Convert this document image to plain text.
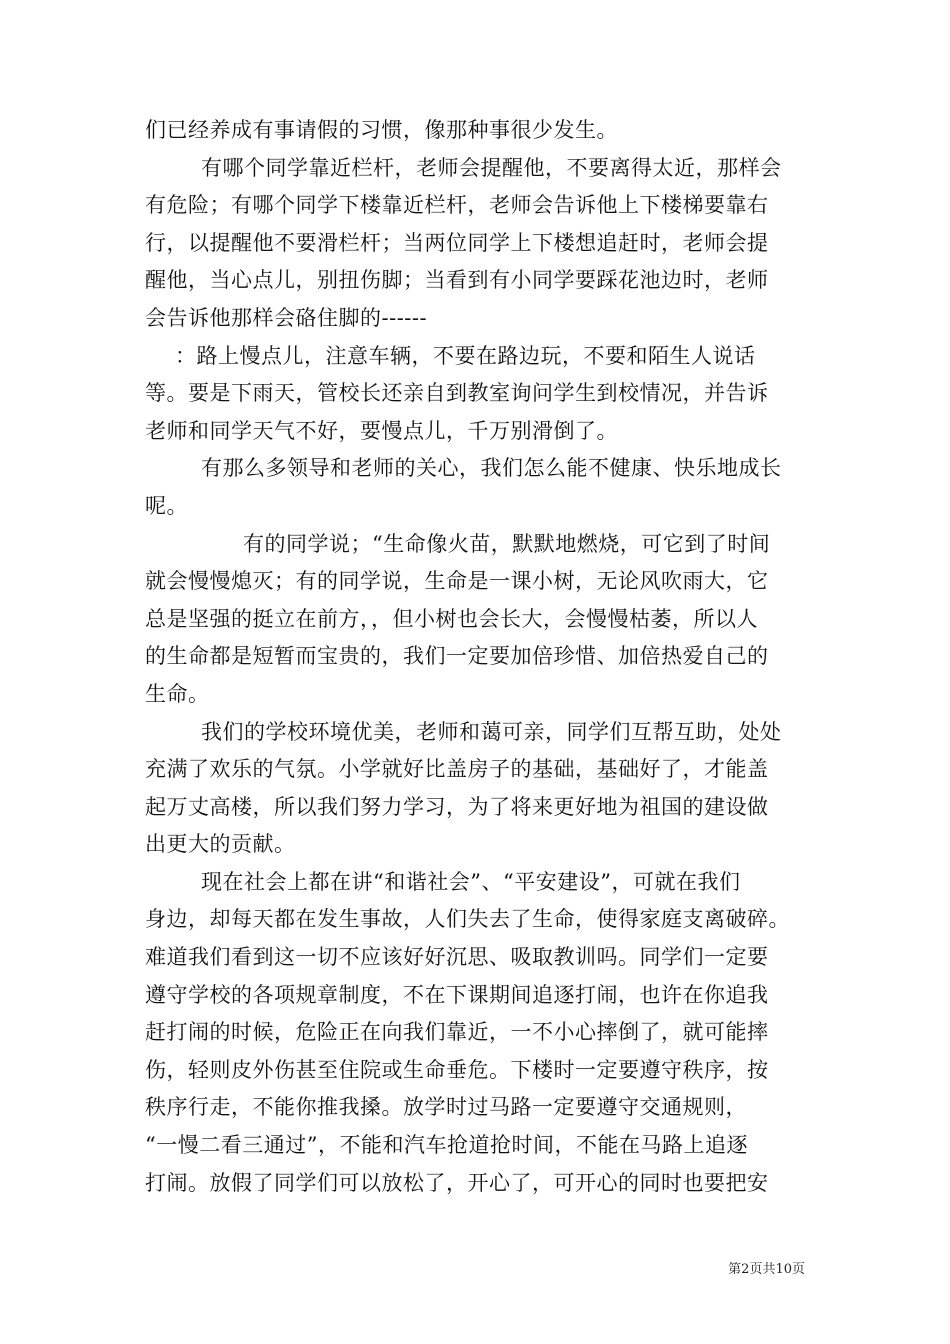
们已经养成有事请假的习惯，像那种事很少发生。
有哪个同学靠近栏杆，老师会提醒他，不要离得太近，那样会
有危险；有哪个同学下楼靠近栏杆，老师会告诉他上下楼梯要靠右
行，以提醒他不要滑栏杆；当两位同学上下楼想追赶时，老师会提
醒他，当心点儿，别扭伤脚；当看到有小同学要踩花池边时，老师
会告诉他那样会硌住脚的------
：路上慢点儿，注意车辆，不要在路边玩，不要和陌生人说话
等。要是下雨天，管校长还亲自到教室询问学生到校情况，并告诉
老师和同学天气不好，要慢点儿，千万别滑倒了。
有那么多领导和老师的关心，我们怎么能不健康、快乐地成长
呢。
有的同学说；“生命像火苗，默默地燃烧，可它到了时间
就会慢慢熄灭；有的同学说，生命是一课小树，无论风吹雨大，它
总是坚强的挺立在前方，，但小树也会长大，会慢慢枯萎，所以人
的生命都是短暂而宝贵的，我们一定要加倍珍惜、加倍热爱自己的
生命。
我们的学校环境优美，老师和蔼可亲，同学们互帮互助，处处
充满了欢乐的气氛。小学就好比盖房子的基础，基础好了，才能盖
起万丈高楼，所以我们努力学习，为了将来更好地为祖国的建设做
出更大的贡献。
现在社会上都在讲“和谐社会”、“平安建设”，可就在我们
身边，却每天都在发生事故，人们失去了生命，使得家庭支离破碎。
难道我们看到这一切不应该好好沉思、吸取教训吗。同学们一定要
遵守学校的各项规章制度，不在下课期间追逐打闹，也许在你追我
赶打闹的时候，危险正在向我们靠近，一不小心摔倒了，就可能摔
伤，轻则皮外伤甚至住院或生命垂危。下楼时一定要遵守秩序，按
秩序行走，不能你推我搡。放学时过马路一定要遵守交通规则，
“一慢二看三通过”，不能和汽车抢道抢时间，不能在马路上追逐
打闹。放假了同学们可以放松了，开心了，可开心的同时也要把安
第2页共10页
